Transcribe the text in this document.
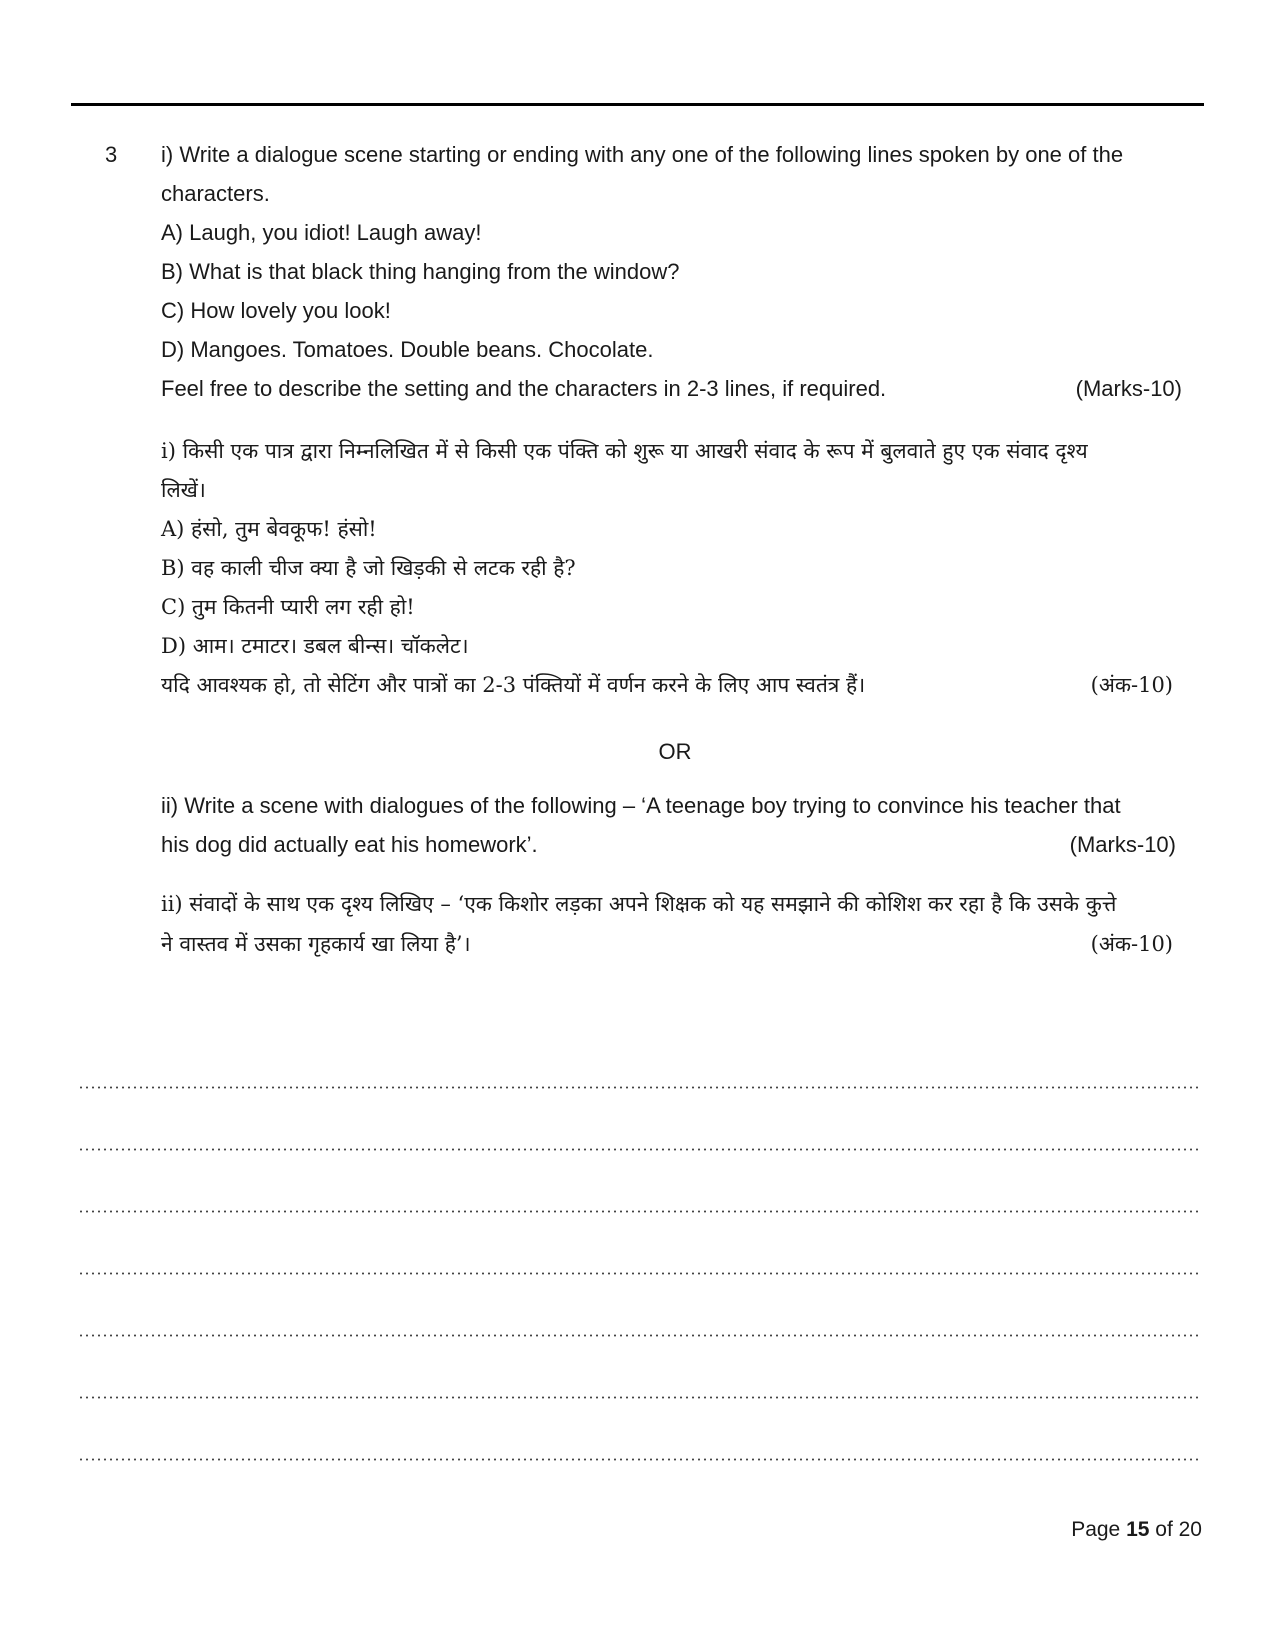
3 i) Write a dialogue scene starting or ending with any one of the following lines spoken by one of the
characters.
A) Laugh, you idiot! Laugh away!
B) What is that black thing hanging from the window?
C) How lovely you look!
D) Mangoes. Tomatoes. Double beans. Chocolate.
Feel free to describe the setting and the characters in 2-3 lines, if required.	(Marks-10)
i) किसी एक पात्र द्वारा निम्नलिखित में से किसी एक पंक्ति को शुरू या आखरी संवाद के रूप में बुलवाते हुए एक संवाद दृश्य
लिखें।
A) हंसो, तुम बेवकूफ! हंसो!
B) वह काली चीज क्या है जो खिड़की से लटक रही है?
C) तुम कितनी प्यारी लग रही हो!
D) आम। टमाटर। डबल बीन्स। चॉकलेट।
यदि आवश्यक हो, तो सेटिंग और पात्रों का 2-3 पंक्तियों में वर्णन करने के लिए आप स्वतंत्र हैं।	(अंक-10)
OR
ii) Write a scene with dialogues of the following – ‘A teenage boy trying to convince his teacher that
his dog did actually eat his homework’.	(Marks-10)
ii) संवादों के साथ एक दृश्य लिखिए – ‘एक किशोर लड़का अपने शिक्षक को यह समझाने की कोशिश कर रहा है कि उसके कुत्ते
ने वास्तव में उसका गृहकार्य खा लिया है’।	(अंक-10)
Page 15 of 20
